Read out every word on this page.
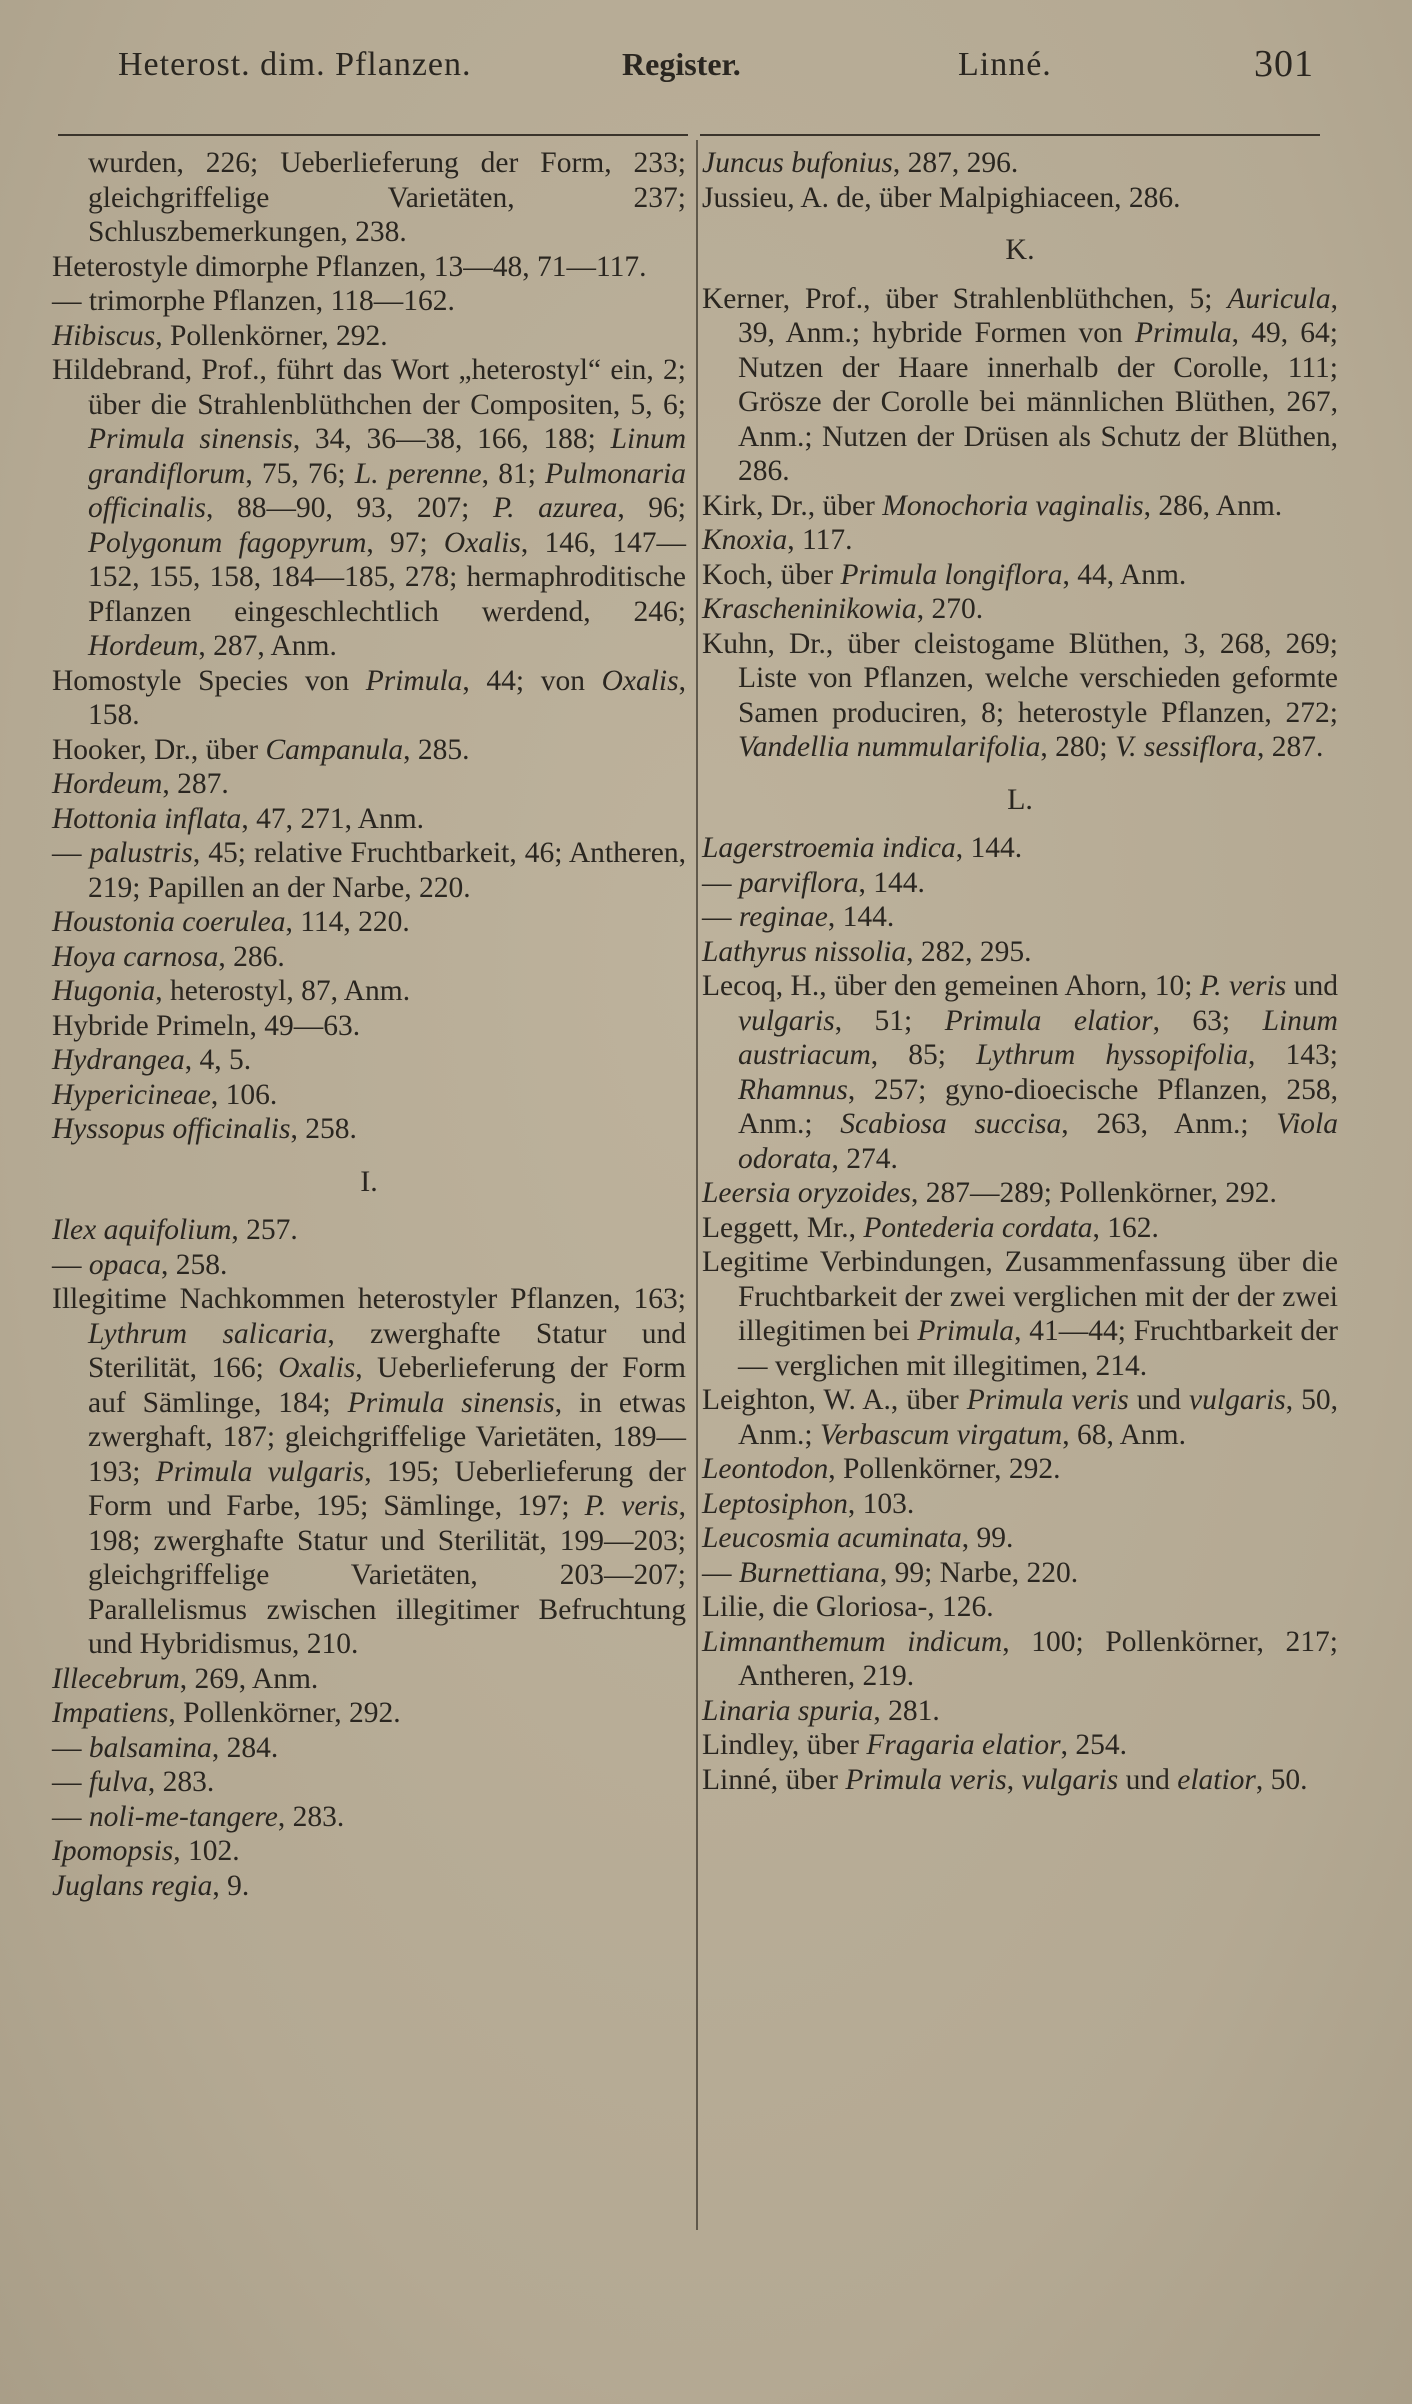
Heterost. dim. Pflanzen.	Register.	Linné.	301

wurden, 226; Ueberlieferung der Form, 233; gleichgriffelige Varietäten, 237; Schluszbemerkungen, 238.

Heterostyle dimorphe Pflanzen, 13—48, 71—117.

— trimorphe Pflanzen, 118—162.

Hibiscus, Pollenkörner, 292.

Hildebrand, Prof., führt das Wort „heterostyl“ ein, 2; über die Strahlenblüthchen der Compositen, 5, 6; Primula sinensis, 34, 36—38, 166, 188; Linum grandiflorum, 75, 76; L. perenne, 81; Pulmonaria officinalis, 88—90, 93, 207; P. azurea, 96; Polygonum fagopyrum, 97; Oxalis, 146, 147—152, 155, 158, 184—185, 278; hermaphroditische Pflanzen eingeschlechtlich werdend, 246; Hordeum, 287, Anm.

Homostyle Species von Primula, 44; von Oxalis, 158.

Hooker, Dr., über Campanula, 285.

Hordeum, 287.

Hottonia inflata, 47, 271, Anm.

— palustris, 45; relative Fruchtbarkeit, 46; Antheren, 219; Papillen an der Narbe, 220.

Houstonia coerulea, 114, 220.

Hoya carnosa, 286.

Hugonia, heterostyl, 87, Anm.

Hybride Primeln, 49—63.

Hydrangea, 4, 5.

Hypericineae, 106.

Hyssopus officinalis, 258.

I.

Ilex aquifolium, 257.

— opaca, 258.

Illegitime Nachkommen heterostyler Pflanzen, 163; Lythrum salicaria, zwerghafte Statur und Sterilität, 166; Oxalis, Ueberlieferung der Form auf Sämlinge, 184; Primula sinensis, in etwas zwerghaft, 187; gleichgriffelige Varietäten, 189—193; Primula vulgaris, 195; Ueberlieferung der Form und Farbe, 195; Sämlinge, 197; P. veris, 198; zwerghafte Statur und Sterilität, 199—203; gleichgriffelige Varietäten, 203—207; Parallelismus zwischen illegitimer Befruchtung und Hybridismus, 210.

Illecebrum, 269, Anm.

Impatiens, Pollenkörner, 292.

— balsamina, 284.

— fulva, 283.

— noli-me-tangere, 283.

Ipomopsis, 102.

Juglans regia, 9.

Juncus bufonius, 287, 296.

Jussieu, A. de, über Malpighiaceen, 286.

K.

Kerner, Prof., über Strahlenblüthchen, 5; Auricula, 39, Anm.; hybride Formen von Primula, 49, 64; Nutzen der Haare innerhalb der Corolle, 111; Grösze der Corolle bei männlichen Blüthen, 267, Anm.; Nutzen der Drüsen als Schutz der Blüthen, 286.

Kirk, Dr., über Monochoria vaginalis, 286, Anm.

Knoxia, 117.

Koch, über Primula longiflora, 44, Anm.

Krascheninikowia, 270.

Kuhn, Dr., über cleistogame Blüthen, 3, 268, 269; Liste von Pflanzen, welche verschieden geformte Samen produciren, 8; heterostyle Pflanzen, 272; Vandellia nummularifolia, 280; V. sessiflora, 287.

L.

Lagerstroemia indica, 144.

— parviflora, 144.

— reginae, 144.

Lathyrus nissolia, 282, 295.

Lecoq, H., über den gemeinen Ahorn, 10; P. veris und vulgaris, 51; Primula elatior, 63; Linum austriacum, 85; Lythrum hyssopifolia, 143; Rhamnus, 257; gyno-dioecische Pflanzen, 258, Anm.; Scabiosa succisa, 263, Anm.; Viola odorata, 274.

Leersia oryzoides, 287—289; Pollenkörner, 292.

Leggett, Mr., Pontederia cordata, 162.

Legitime Verbindungen, Zusammenfassung über die Fruchtbarkeit der zwei verglichen mit der der zwei illegitimen bei Primula, 41—44; Fruchtbarkeit der — verglichen mit illegitimen, 214.

Leighton, W. A., über Primula veris und vulgaris, 50, Anm.; Verbascum virgatum, 68, Anm.

Leontodon, Pollenkörner, 292.

Leptosiphon, 103.

Leucosmia acuminata, 99.

— Burnettiana, 99; Narbe, 220.

Lilie, die Gloriosa-, 126.

Limnanthemum indicum, 100; Pollenkörner, 217; Antheren, 219.

Linaria spuria, 281.

Lindley, über Fragaria elatior, 254.

Linné, über Primula veris, vulgaris und elatior, 50.
